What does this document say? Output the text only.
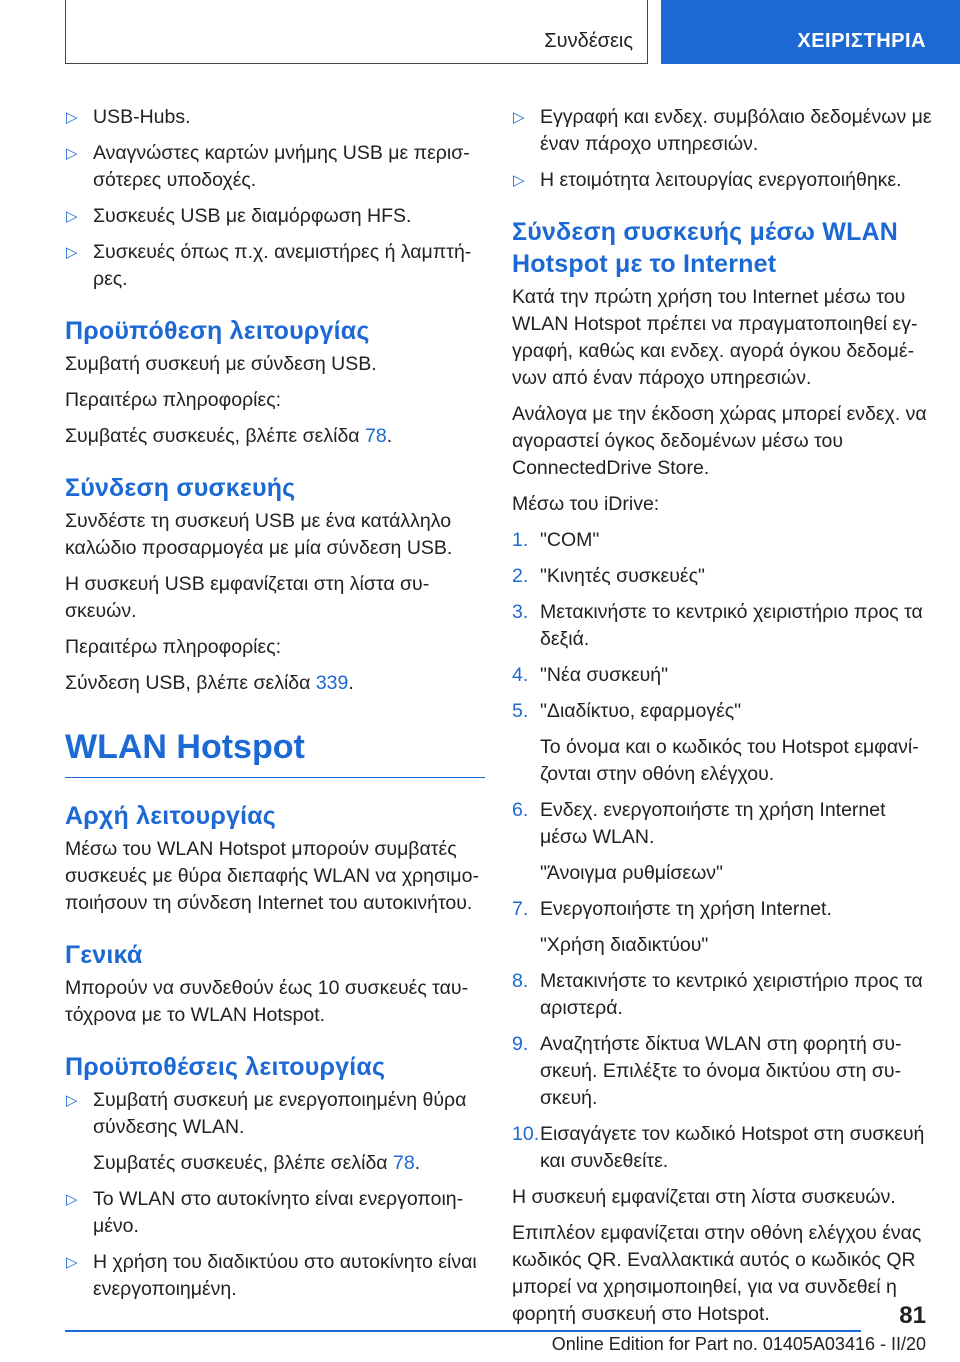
Συνδέσεις	ΧΕΙΡΙΣΤΗΡΙΑ
▷ USB-Hubs.
▷ Αναγνώστες καρτών μνήμης USB με περισσότερες υποδοχές.
▷ Συσκευές USB με διαμόρφωση HFS.
▷ Συσκευές όπως π.χ. ανεμιστήρες ή λαμπτήρες.
Προϋπόθεση λειτουργίας

Συμβατή συσκευή με σύνδεση USB.

Περαιτέρω πληροφορίες:

Συμβατές συσκευές, βλέπε σελίδα 78.

Σύνδεση συσκευής

Συνδέστε τη συσκευή USB με ένα κατάλληλο καλώδιο προσαρμογέα με μία σύνδεση USB.

Η συσκευή USB εμφανίζεται στη λίστα συσκευών.

Περαιτέρω πληροφορίες:

Σύνδεση USB, βλέπε σελίδα 339.

WLAN Hotspot
Αρχή λειτουργίας

Μέσω του WLAN Hotspot μπορούν συμβατές συσκευές με θύρα διεπαφής WLAN να χρησιμοποιήσουν τη σύνδεση Internet του αυτοκινήτου.

Γενικά

Μπορούν να συνδεθούν έως 10 συσκευές ταυτόχρονα με το WLAN Hotspot.

Προϋποθέσεις λειτουργίας
▷ Συμβατή συσκευή με ενεργοποιημένη θύρα σύνδεσης WLAN.

Συμβατές συσκευές, βλέπε σελίδα 78.

▷ Το WLAN στο αυτοκίνητο είναι ενεργοποιημένο.
▷ Η χρήση του διαδικτύου στο αυτοκίνητο είναι ενεργοποιημένη.
▷ Εγγραφή και ενδεχ. συμβόλαιο δεδομένων με έναν πάροχο υπηρεσιών.
▷ Η ετοιμότητα λειτουργίας ενεργοποιήθηκε.
Σύνδεση συσκευής μέσω WLAN Hotspot με το Internet

Κατά την πρώτη χρήση του Internet μέσω του WLAN Hotspot πρέπει να πραγματοποιηθεί εγγραφή, καθώς και ενδεχ. αγορά όγκου δεδομένων από έναν πάροχο υπηρεσιών.

Ανάλογα με την έκδοση χώρας μπορεί ενδεχ. να αγοραστεί όγκος δεδομένων μέσω του ConnectedDrive Store.

Μέσω του iDrive:

1. "COM"
2. "Κινητές συσκευές"
3. Μετακινήστε το κεντρικό χειριστήριο προς τα δεξιά.
4. "Νέα συσκευή"
5. "Διαδίκτυο, εφαρμογές"

Το όνομα και ο κωδικός του Hotspot εμφανίζονται στην οθόνη ελέγχου.

6. Ενδεχ. ενεργοποιήστε τη χρήση Internet μέσω WLAN.

"Άνοιγμα ρυθμίσεων"

7. Ενεργοποιήστε τη χρήση Internet.

"Χρήση διαδικτύου"

8. Μετακινήστε το κεντρικό χειριστήριο προς τα αριστερά.
9. Αναζητήστε δίκτυα WLAN στη φορητή συσκευή. Επιλέξτε το όνομα δικτύου στη συσκευή.
10. Εισαγάγετε τον κωδικό Hotspot στη συσκευή και συνδεθείτε.

Η συσκευή εμφανίζεται στη λίστα συσκευών.

Επιπλέον εμφανίζεται στην οθόνη ελέγχου ένας κωδικός QR. Εναλλακτικά αυτός ο κωδικός QR μπορεί να χρησιμοποιηθεί, για να συνδεθεί η φορητή συσκευή στο Hotspot.	81
Online Edition for Part no. 01405A03416 - II/20
